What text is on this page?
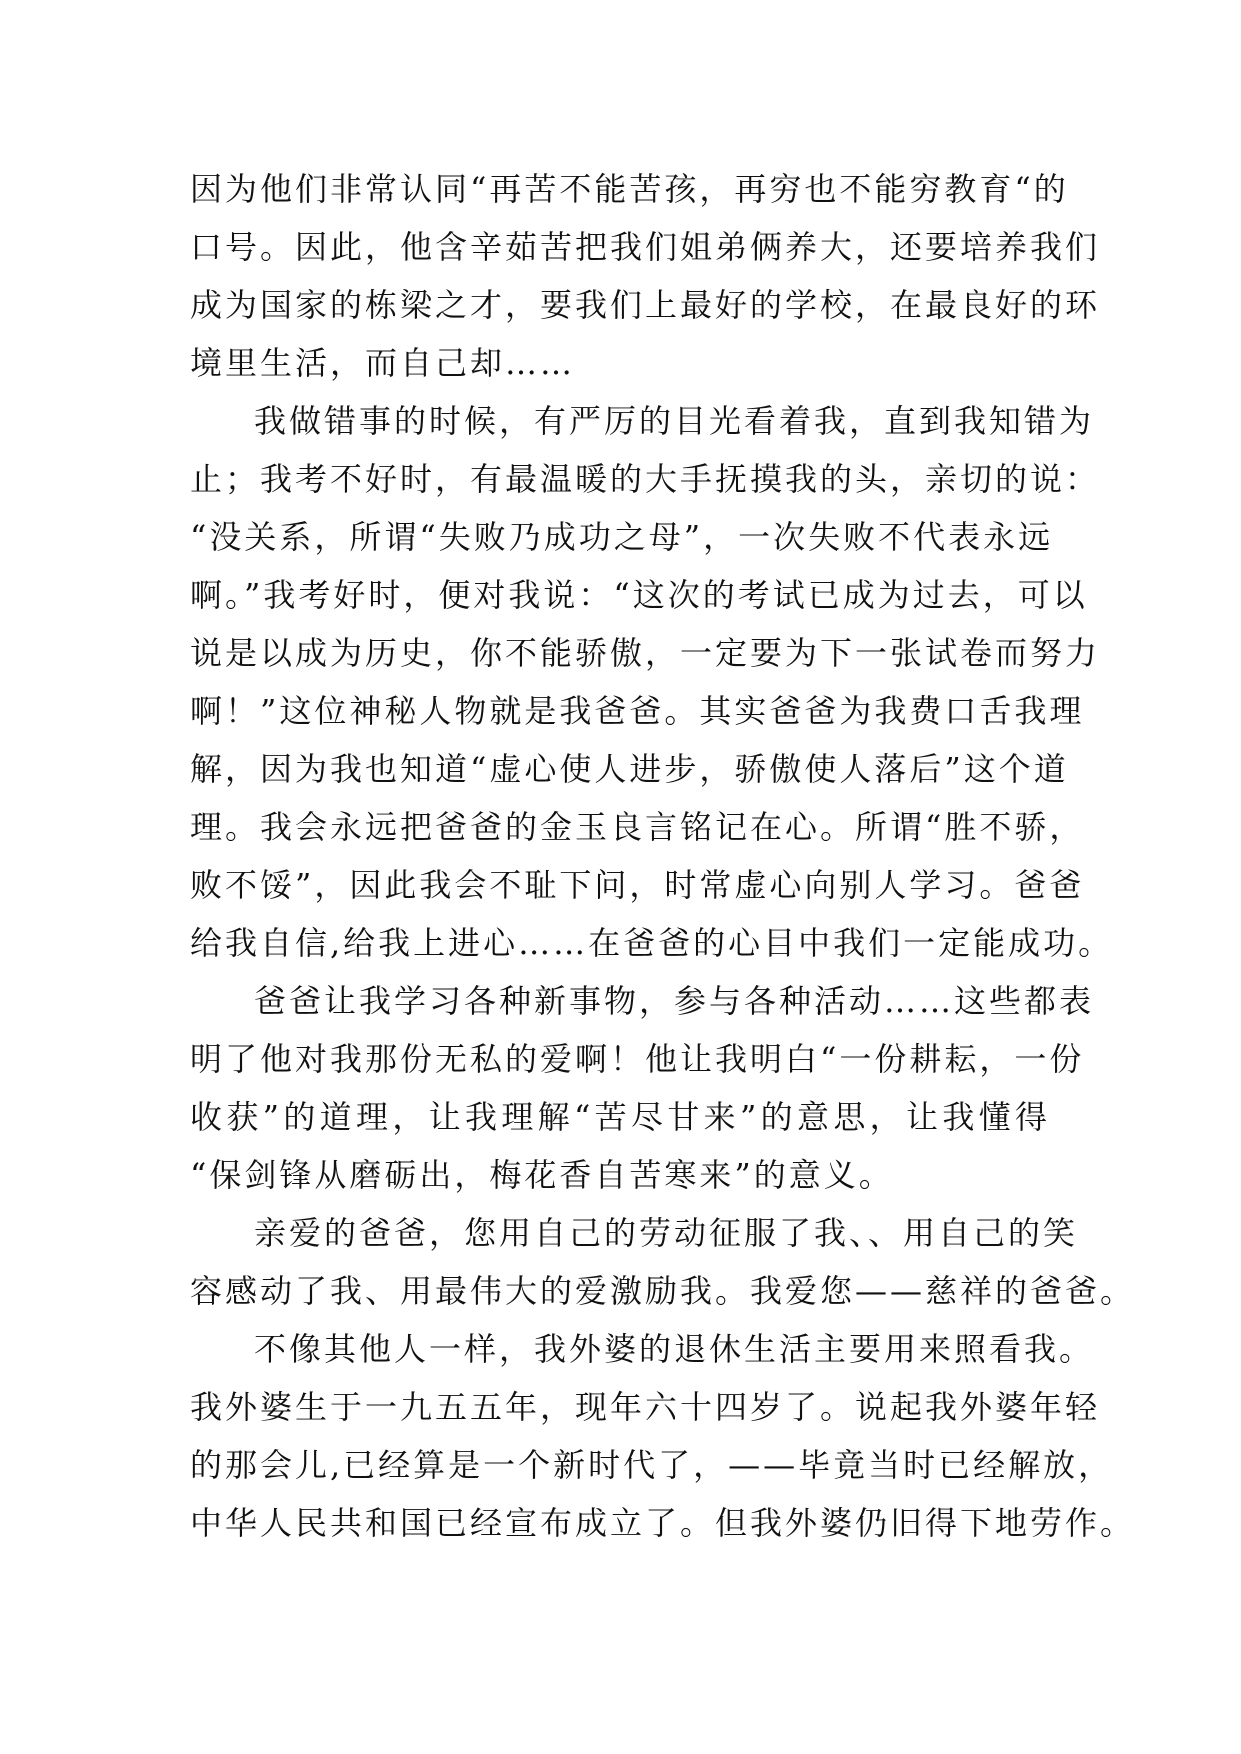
因为他们非常认同“再苦不能苦孩，再穷也不能穷教育“的
口号。因此，他含辛茹苦把我们姐弟俩养大，还要培养我们
成为国家的栋梁之才，要我们上最好的学校，在最良好的环
境里生活，而自己却……
我做错事的时候，有严厉的目光看着我，直到我知错为
止；我考不好时，有最温暖的大手抚摸我的头，亲切的说：
“没关系，所谓“失败乃成功之母”，一次失败不代表永远
啊。”我考好时，便对我说：“这次的考试已成为过去，可以
说是以成为历史，你不能骄傲，一定要为下一张试卷而努力
啊！”这位神秘人物就是我爸爸。其实爸爸为我费口舌我理
解，因为我也知道“虚心使人进步，骄傲使人落后”这个道
理。我会永远把爸爸的金玉良言铭记在心。所谓“胜不骄，
败不馁”，因此我会不耻下问，时常虚心向别人学习。爸爸
给我自信,给我上进心……在爸爸的心目中我们一定能成功。
爸爸让我学习各种新事物，参与各种活动……这些都表
明了他对我那份无私的爱啊！他让我明白“一份耕耘，一份
收获”的道理，让我理解“苦尽甘来”的意思，让我懂得
“保剑锋从磨砺出，梅花香自苦寒来”的意义。
亲爱的爸爸，您用自己的劳动征服了我、、用自己的笑
容感动了我、用最伟大的爱激励我。我爱您——慈祥的爸爸。
不像其他人一样，我外婆的退休生活主要用来照看我。
我外婆生于一九五五年，现年六十四岁了。说起我外婆年轻
的那会儿,已经算是一个新时代了，——毕竟当时已经解放，
中华人民共和国已经宣布成立了。但我外婆仍旧得下地劳作。
